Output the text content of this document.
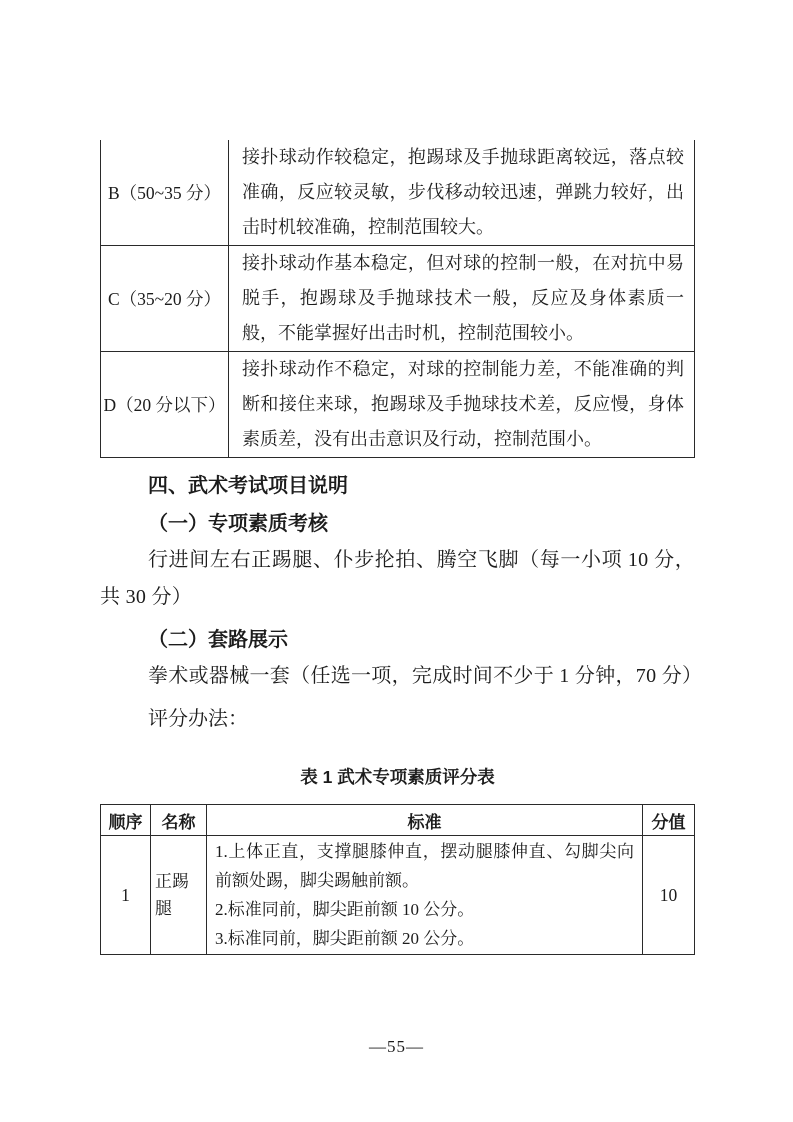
B（50~35 分）	接扑球动作较稳定，抱踢球及手抛球距离较远，落点较准确，反应较灵敏，步伐移动较迅速，弹跳力较好，出击时机较准确，控制范围较大。
C（35~20 分）	接扑球动作基本稳定，但对球的控制一般，在对抗中易脱手，抱踢球及手抛球技术一般，反应及身体素质一般，不能掌握好出击时机，控制范围较小。
D（20 分以下）	接扑球动作不稳定，对球的控制能力差，不能准确的判断和接住来球，抱踢球及手抛球技术差，反应慢，身体素质差，没有出击意识及行动，控制范围小。
四、武术考试项目说明
（一）专项素质考核
行进间左右正踢腿、仆步抡拍、腾空飞脚（每一小项 10 分，共 30 分）
（二）套路展示
拳术或器械一套（任选一项，完成时间不少于 1 分钟，70 分）
评分办法：
表 1 武术专项素质评分表
顺序	名称	标准	分值
1	正踢腿	1.上体正直，支撑腿膝伸直，摆动腿膝伸直、勾脚尖向前额处踢，脚尖踢触前额。
2.标准同前，脚尖距前额 10 公分。
3.标准同前，脚尖距前额 20 公分。	10
—55—
